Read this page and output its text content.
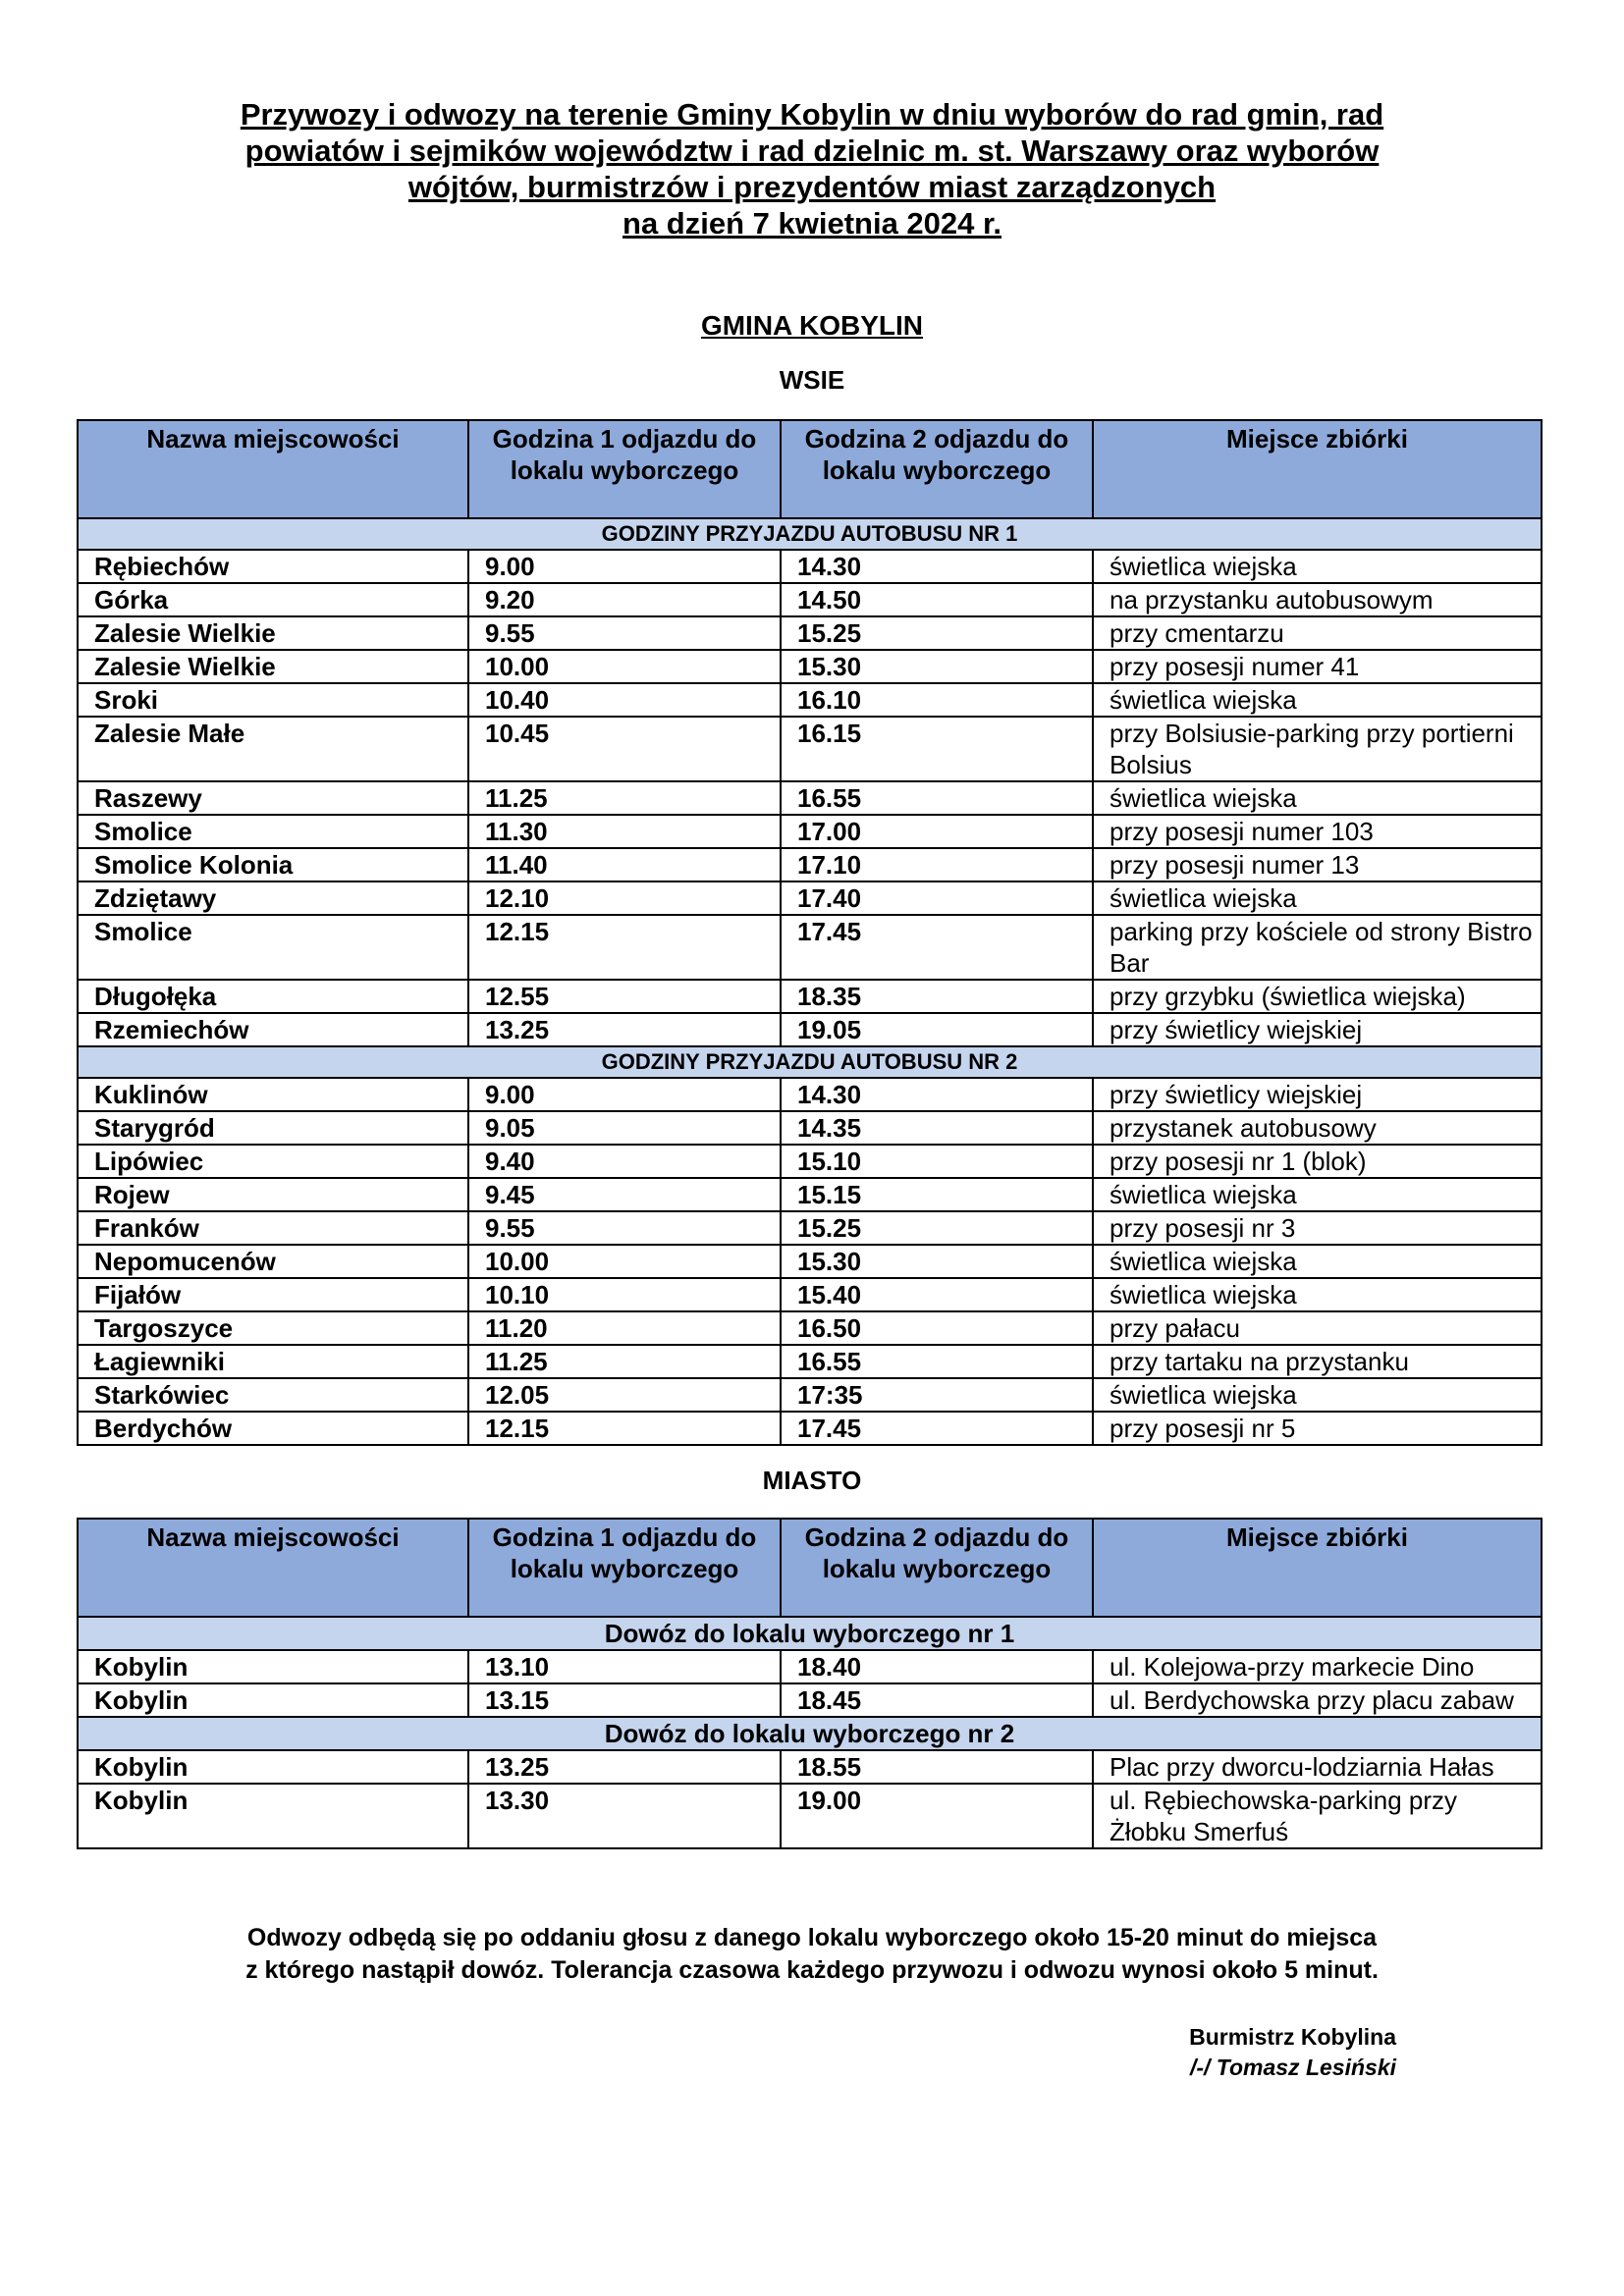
Przywozy i odwozy na terenie Gminy Kobylin w dniu wyborów do rad gmin, rad
powiatów i sejmików województw i rad dzielnic m. st. Warszawy oraz wyborów
wójtów, burmistrzów i prezydentów miast zarządzonych
na dzień 7 kwietnia 2024 r.
GMINA KOBYLIN
WSIE
Nazwa miejscowości	Godzina 1 odjazdu do lokalu wyborczego	Godzina 2 odjazdu do lokalu wyborczego	Miejsce zbiórki
GODZINY PRZYJAZDU AUTOBUSU NR 1			
Rębiechów	9.00	14.30	świetlica wiejska
Górka	9.20	14.50	na przystanku autobusowym
Zalesie Wielkie	9.55	15.25	przy cmentarzu
Zalesie Wielkie	10.00	15.30	przy posesji numer 41
Sroki	10.40	16.10	świetlica wiejska
Zalesie Małe	10.45	16.15	przy Bolsiusie-parking przy portierni Bolsius
Raszewy	11.25	16.55	świetlica wiejska
Smolice	11.30	17.00	przy posesji numer 103
Smolice Kolonia	11.40	17.10	przy posesji numer 13
Zdziętawy	12.10	17.40	świetlica wiejska
Smolice	12.15	17.45	parking przy kościele od strony Bistro Bar
Długołęka	12.55	18.35	przy grzybku (świetlica wiejska)
Rzemiechów	13.25	19.05	przy świetlicy wiejskiej
GODZINY PRZYJAZDU AUTOBUSU NR 2			
Kuklinów	9.00	14.30	przy świetlicy wiejskiej
Starygród	9.05	14.35	przystanek autobusowy
Lipówiec	9.40	15.10	przy posesji nr 1 (blok)
Rojew	9.45	15.15	świetlica wiejska
Franków	9.55	15.25	przy posesji nr 3
Nepomucenów	10.00	15.30	świetlica wiejska
Fijałów	10.10	15.40	świetlica wiejska
Targoszyce	11.20	16.50	przy pałacu
Łagiewniki	11.25	16.55	przy tartaku na przystanku
Starkówiec	12.05	17:35	świetlica wiejska
Berdychów	12.15	17.45	przy posesji nr 5
MIASTO
Nazwa miejscowości	Godzina 1 odjazdu do lokalu wyborczego	Godzina 2 odjazdu do lokalu wyborczego	Miejsce zbiórki
Dowóz do lokalu wyborczego nr 1			
Kobylin	13.10	18.40	ul. Kolejowa-przy markecie Dino
Kobylin	13.15	18.45	ul. Berdychowska przy placu zabaw
Dowóz do lokalu wyborczego nr 2			
Kobylin	13.25	18.55	Plac przy dworcu-lodziarnia Hałas
Kobylin	13.30	19.00	ul. Rębiechowska-parking przy Żłobku Smerfuś
Odwozy odbędą się po oddaniu głosu z danego lokalu wyborczego około 15-20 minut do miejsca
z którego nastąpił dowóz. Tolerancja czasowa każdego przywozu i odwozu wynosi około 5 minut.
Burmistrz Kobylina
/-/ Tomasz Lesiński
